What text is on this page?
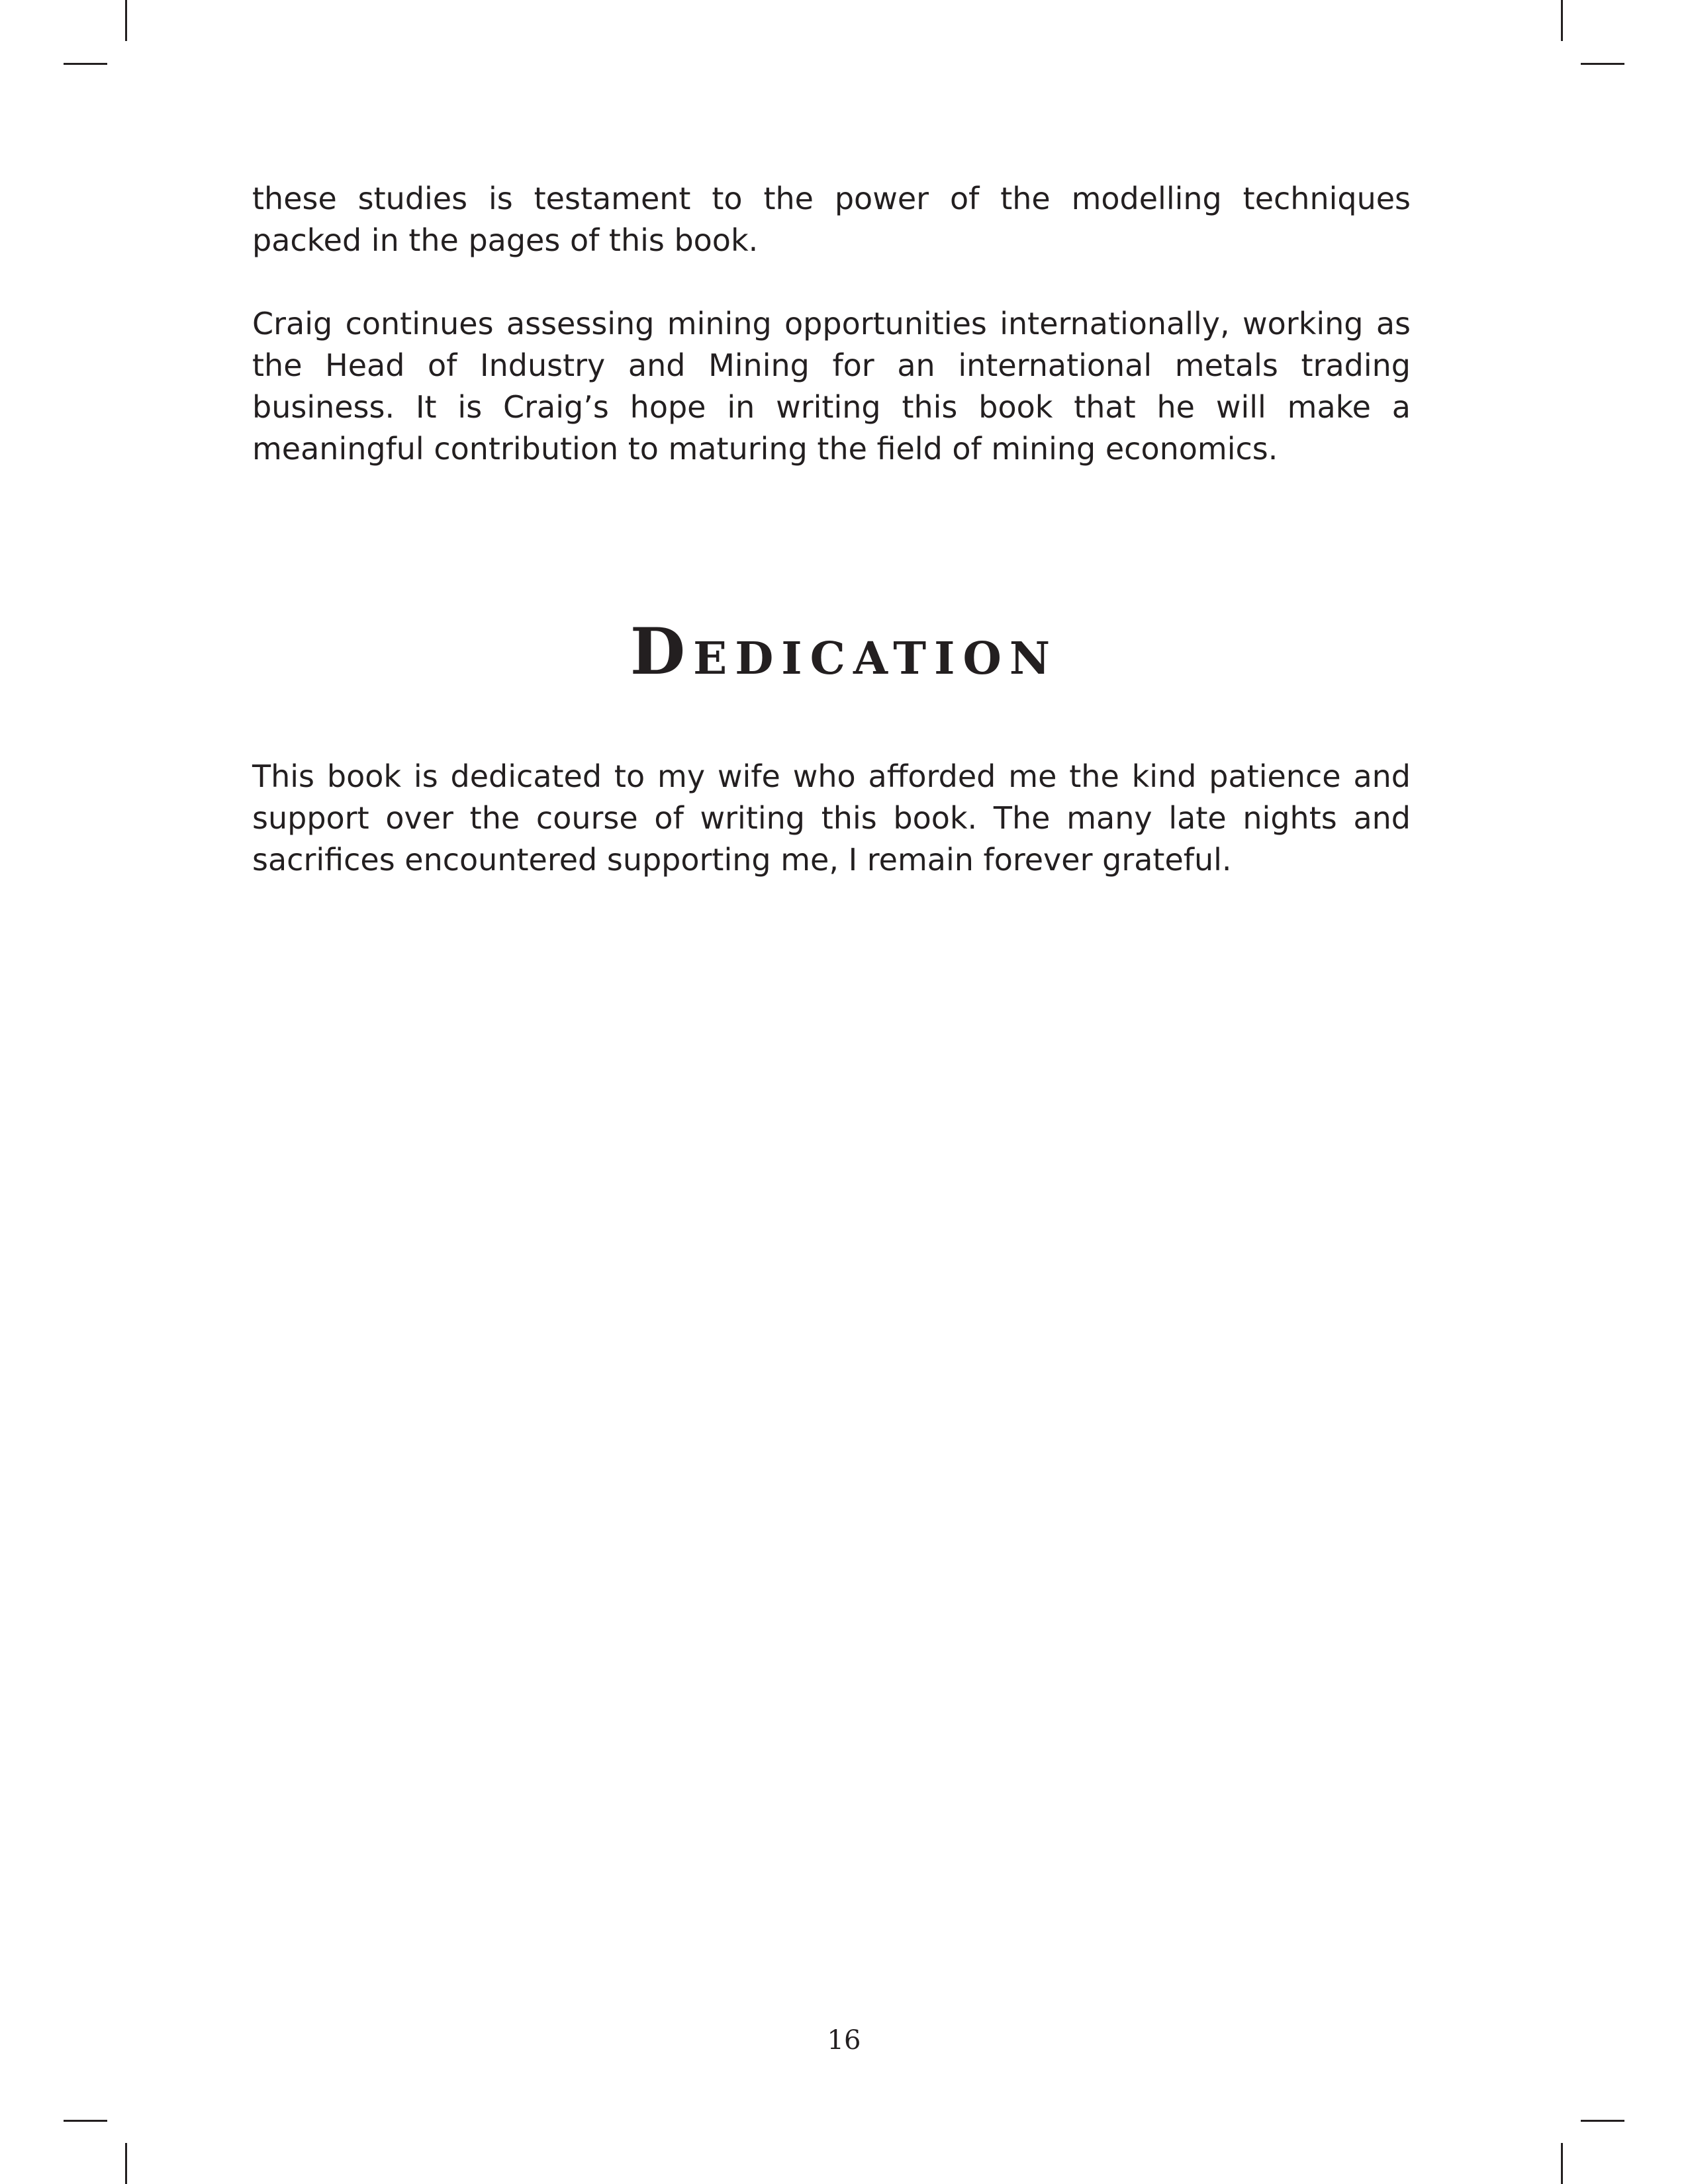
these studies is testament to the power of the modelling techniques packed in the pages of this book.

Craig continues assessing mining opportunities internationally, working as the Head of Industry and Mining for an international metals trading business. It is Craig’s hope in writing this book that he will make a meaningful contribution to maturing the field of mining economics.

Dedication

This book is dedicated to my wife who afforded me the kind patience and support over the course of writing this book. The many late nights and sacrifices encountered supporting me, I remain forever grateful.

16
